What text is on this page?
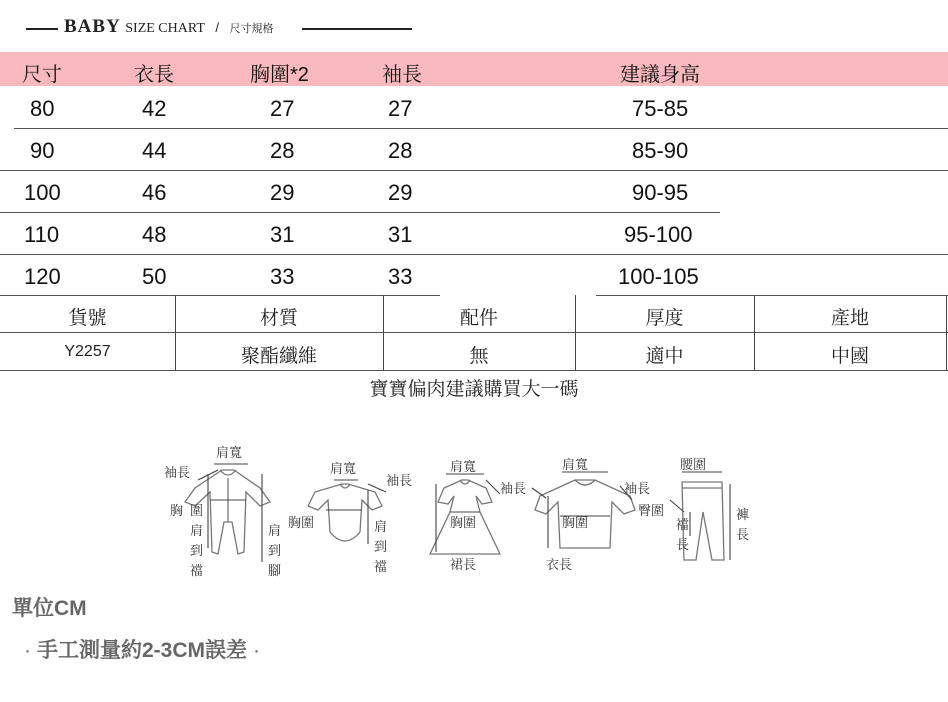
BABY SIZE CHART / 尺寸規格
尺寸	衣長	胸圍*2	袖長	建議身高
80	42	27	27	75-85
90	44	28	28	85-90
100	46	29	29	90-95
110	48	31	31	95-100
120	50	33	33	100-105
貨號	材質	配件	厚度	產地
Y2257	聚酯纖維	無	適中	中國
寶寶偏肉建議購買大一碼
肩寬
袖長
胸 圍
肩
到
襠
肩
到
腳
肩寬
袖長
胸圍	肩
到
襠
肩寬
袖長
胸圍
裙長
肩寬
袖長
胸圍
衣長
腰圍
臀圍
襠
長
褲
長
單位CM
· 手工測量約2-3CM誤差 ·
